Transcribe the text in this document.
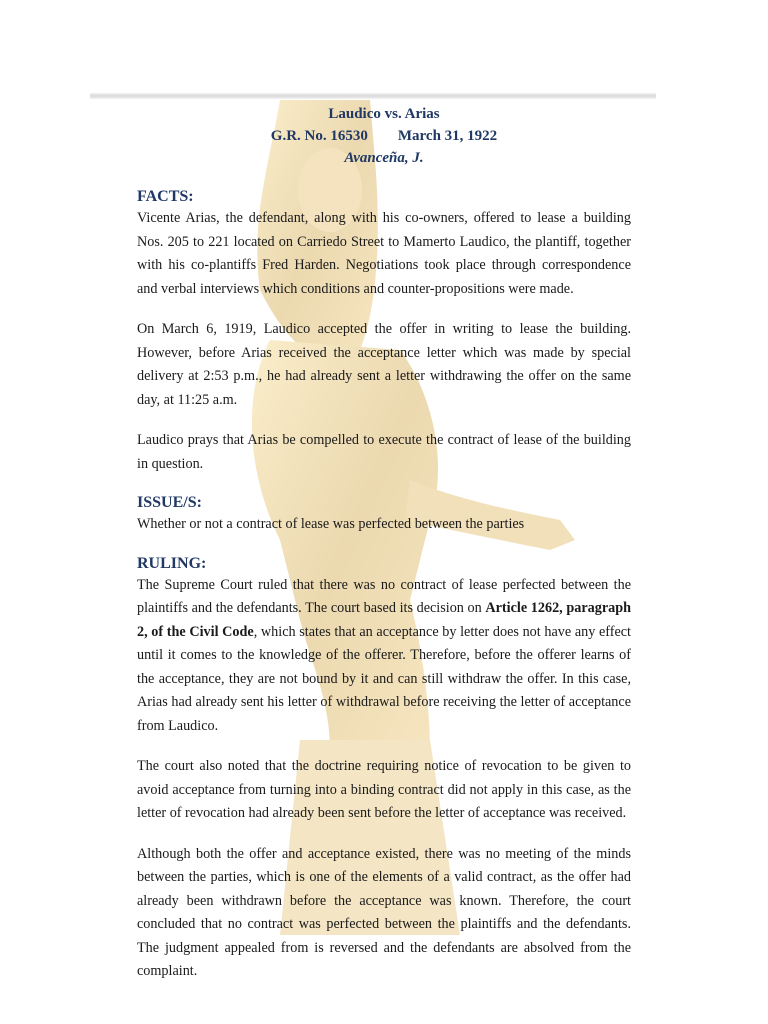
Laudico vs. Arias
G.R. No. 16530 March 31, 1922
Avanceña, J.
FACTS:

Vicente Arias, the defendant, along with his co-owners, offered to lease a building Nos. 205 to 221 located on Carriedo Street to Mamerto Laudico, the plantiff, together with his co-plantiffs Fred Harden. Negotiations took place through correspondence and verbal interviews which conditions and counter-propositions were made.

On March 6, 1919, Laudico accepted the offer in writing to lease the building. However, before Arias received the acceptance letter which was made by special delivery at 2:53 p.m., he had already sent a letter withdrawing the offer on the same day, at 11:25 a.m.

Laudico prays that Arias be compelled to execute the contract of lease of the building in question.

ISSUE/S:

Whether or not a contract of lease was perfected between the parties

RULING:

The Supreme Court ruled that there was no contract of lease perfected between the plaintiffs and the defendants. The court based its decision on Article 1262, paragraph 2, of the Civil Code, which states that an acceptance by letter does not have any effect until it comes to the knowledge of the offerer. Therefore, before the offerer learns of the acceptance, they are not bound by it and can still withdraw the offer. In this case, Arias had already sent his letter of withdrawal before receiving the letter of acceptance from Laudico.

The court also noted that the doctrine requiring notice of revocation to be given to avoid acceptance from turning into a binding contract did not apply in this case, as the letter of revocation had already been sent before the letter of acceptance was received.

Although both the offer and acceptance existed, there was no meeting of the minds between the parties, which is one of the elements of a valid contract, as the offer had already been withdrawn before the acceptance was known. Therefore, the court concluded that no contract was perfected between the plaintiffs and the defendants. The judgment appealed from is reversed and the defendants are absolved from the complaint.
